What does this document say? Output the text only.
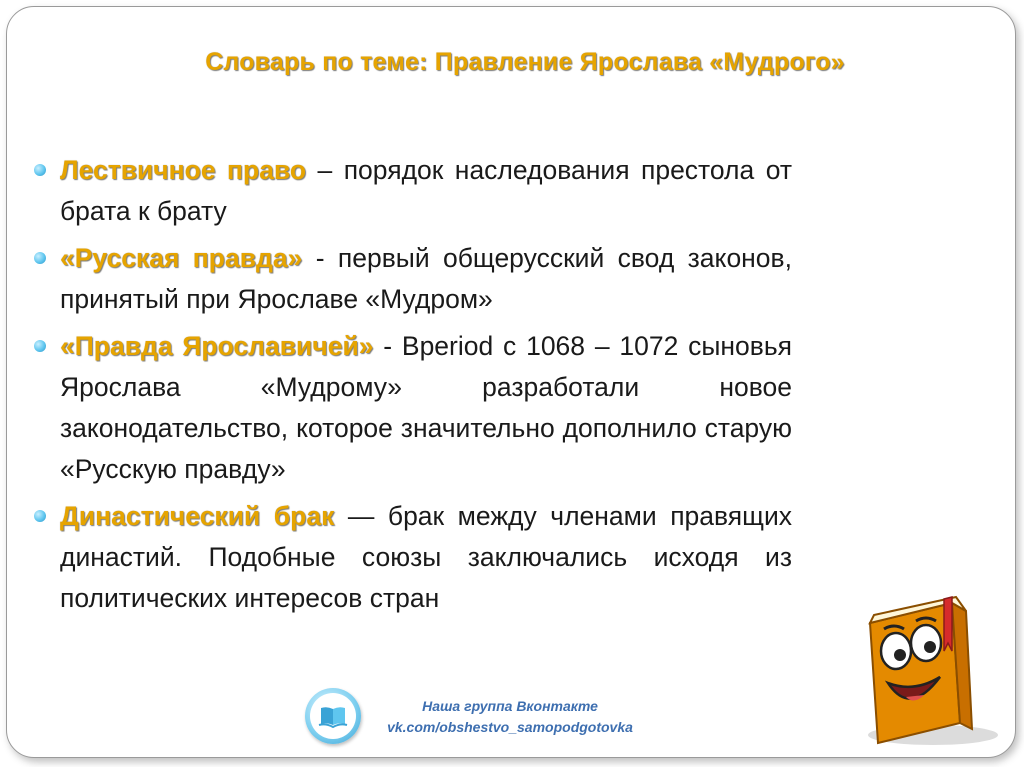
Словарь по теме: Правление Ярослава «Мудрого»
Лествичное право – порядок наследования престола от брата к брату
«Русская правда» - первый общерусский свод законов, принятый при Ярославе «Мудром»
«Правда Ярославичей» - Вperiod с 1068 – 1072 сыновья Ярослава «Мудрому» разработали новое законодательство, которое значительно дополнило старую «Русскую правду»
Династический брак — брак между членами правящих династий. Подобные союзы заключались исходя из политических интересов стран
Наша группа Вконтакте
vk.com/obshestvo_samopodgotovka
